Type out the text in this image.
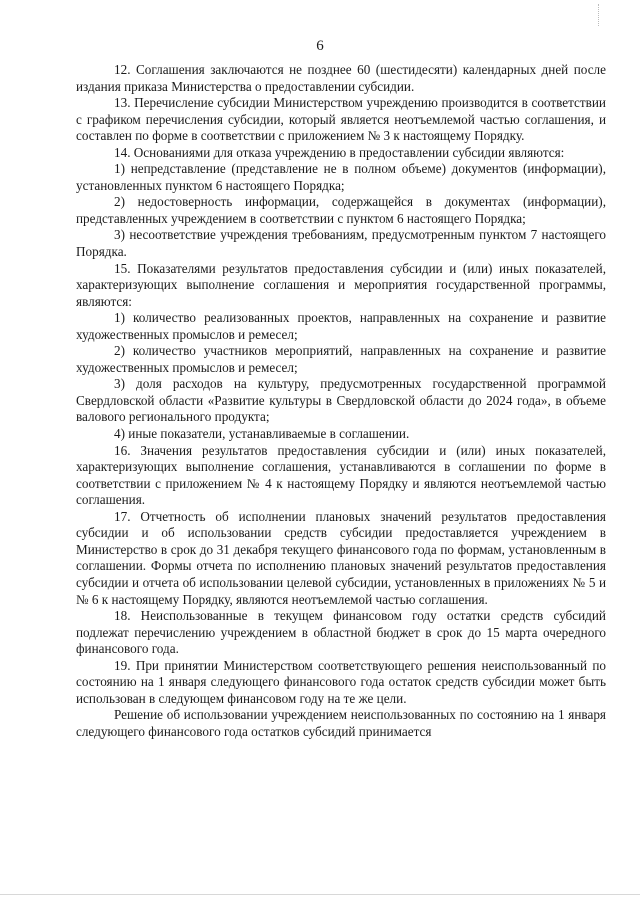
6

12. Соглашения заключаются не позднее 60 (шестидесяти) календарных дней после издания приказа Министерства о предоставлении субсидии.

13. Перечисление субсидии Министерством учреждению производится в соответствии с графиком перечисления субсидии, который является неотъемлемой частью соглашения, и составлен по форме в соответствии с приложением № 3 к настоящему Порядку.

14. Основаниями для отказа учреждению в предоставлении субсидии являются:

1) непредставление (представление не в полном объеме) документов (информации), установленных пунктом 6 настоящего Порядка;

2) недостоверность информации, содержащейся в документах (информации), представленных учреждением в соответствии с пунктом 6 настоящего Порядка;

3) несоответствие учреждения требованиям, предусмотренным пунктом 7 настоящего Порядка.

15. Показателями результатов предоставления субсидии и (или) иных показателей, характеризующих выполнение соглашения и мероприятия государственной программы, являются:

1) количество реализованных проектов, направленных на сохранение и развитие художественных промыслов и ремесел;

2) количество участников мероприятий, направленных на сохранение и развитие художественных промыслов и ремесел;

3) доля расходов на культуру, предусмотренных государственной программой Свердловской области «Развитие культуры в Свердловской области до 2024 года», в объеме валового регионального продукта;

4) иные показатели, устанавливаемые в соглашении.

16. Значения результатов предоставления субсидии и (или) иных показателей, характеризующих выполнение соглашения, устанавливаются в соглашении по форме в соответствии с приложением № 4 к настоящему Порядку и являются неотъемлемой частью соглашения.

17. Отчетность об исполнении плановых значений результатов предоставления субсидии и об использовании средств субсидии предоставляется учреждением в Министерство в срок до 31 декабря текущего финансового года по формам, установленным в соглашении. Формы отчета по исполнению плановых значений результатов предоставления субсидии и отчета об использовании целевой субсидии, установленных в приложениях № 5 и № 6 к настоящему Порядку, являются неотъемлемой частью соглашения.

18. Неиспользованные в текущем финансовом году остатки средств субсидий подлежат перечислению учреждением в областной бюджет в срок до 15 марта очередного финансового года.

19. При принятии Министерством соответствующего решения неиспользованный по состоянию на 1 января следующего финансового года остаток средств субсидии может быть использован в следующем финансовом году на те же цели.

Решение об использовании учреждением неиспользованных по состоянию на 1 января следующего финансового года остатков субсидий принимается
